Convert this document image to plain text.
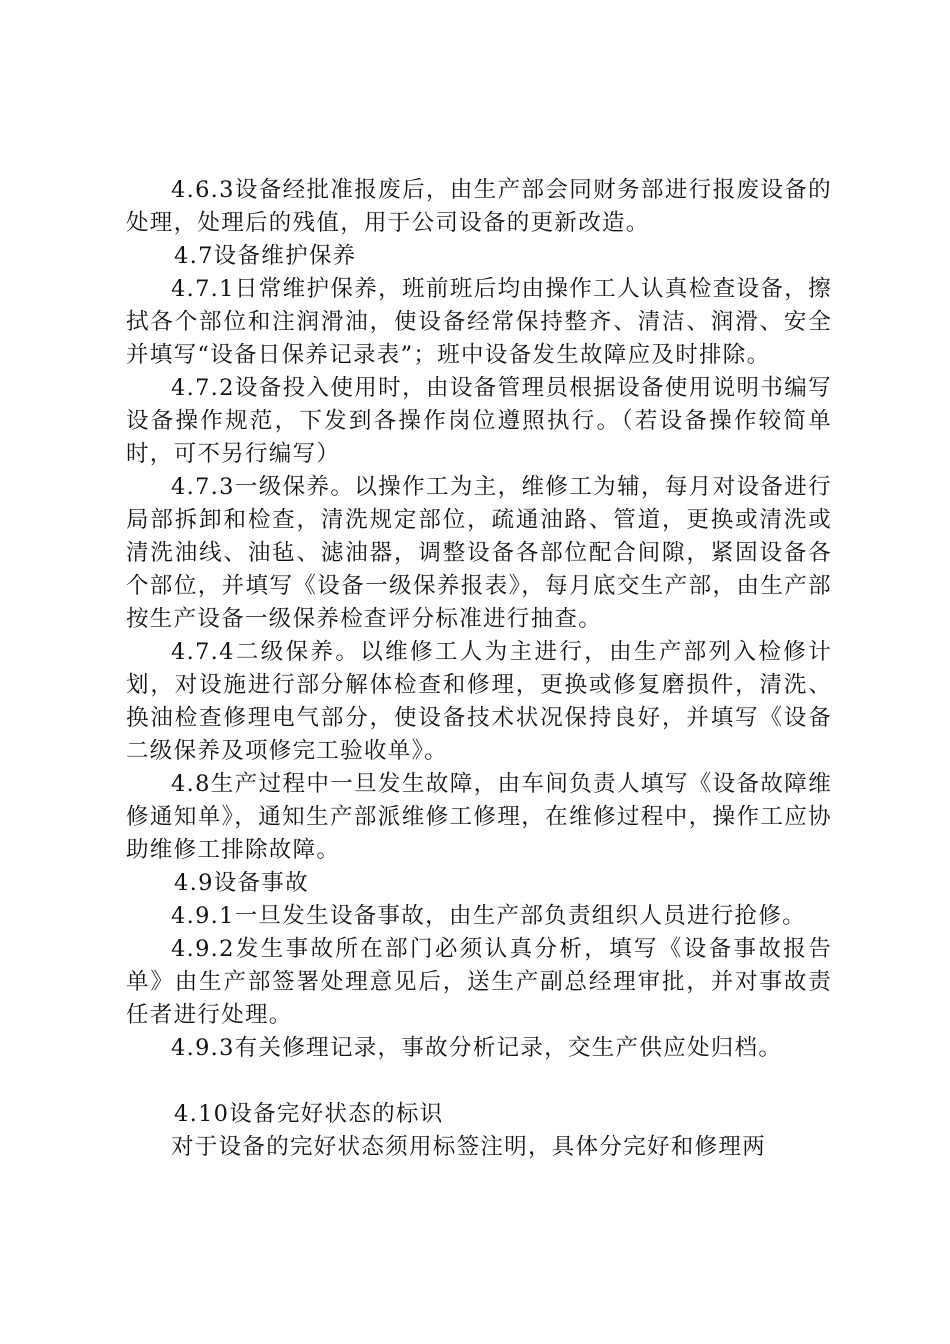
4.6.3设备经批准报废后，由生产部会同财务部进行报废设备的处理，处理后的残值，用于公司设备的更新改造。

4.7设备维护保养

4.7.1日常维护保养，班前班后均由操作工人认真检查设备，擦拭各个部位和注润滑油，使设备经常保持整齐、清洁、润滑、安全并填写“设备日保养记录表”；班中设备发生故障应及时排除。

4.7.2设备投入使用时，由设备管理员根据设备使用说明书编写设备操作规范，下发到各操作岗位遵照执行。（若设备操作较简单时，可不另行编写）

4.7.3一级保养。以操作工为主，维修工为辅，每月对设备进行局部拆卸和检查，清洗规定部位，疏通油路、管道，更换或清洗或清洗油线、油毡、滤油器，调整设备各部位配合间隙，紧固设备各个部位，并填写《设备一级保养报表》，每月底交生产部，由生产部按生产设备一级保养检查评分标准进行抽查。

4.7.4二级保养。以维修工人为主进行，由生产部列入检修计划，对设施进行部分解体检查和修理，更换或修复磨损件，清洗、换油检查修理电气部分，使设备技术状况保持良好，并填写《设备二级保养及项修完工验收单》。

4.8生产过程中一旦发生故障，由车间负责人填写《设备故障维修通知单》，通知生产部派维修工修理，在维修过程中，操作工应协助维修工排除故障。

4.9设备事故

4.9.1一旦发生设备事故，由生产部负责组织人员进行抢修。

4.9.2发生事故所在部门必须认真分析，填写《设备事故报告单》由生产部签署处理意见后，送生产副总经理审批，并对事故责任者进行处理。

4.9.3有关修理记录，事故分析记录，交生产供应处归档。

4.10设备完好状态的标识

对于设备的完好状态须用标签注明，具体分完好和修理两
